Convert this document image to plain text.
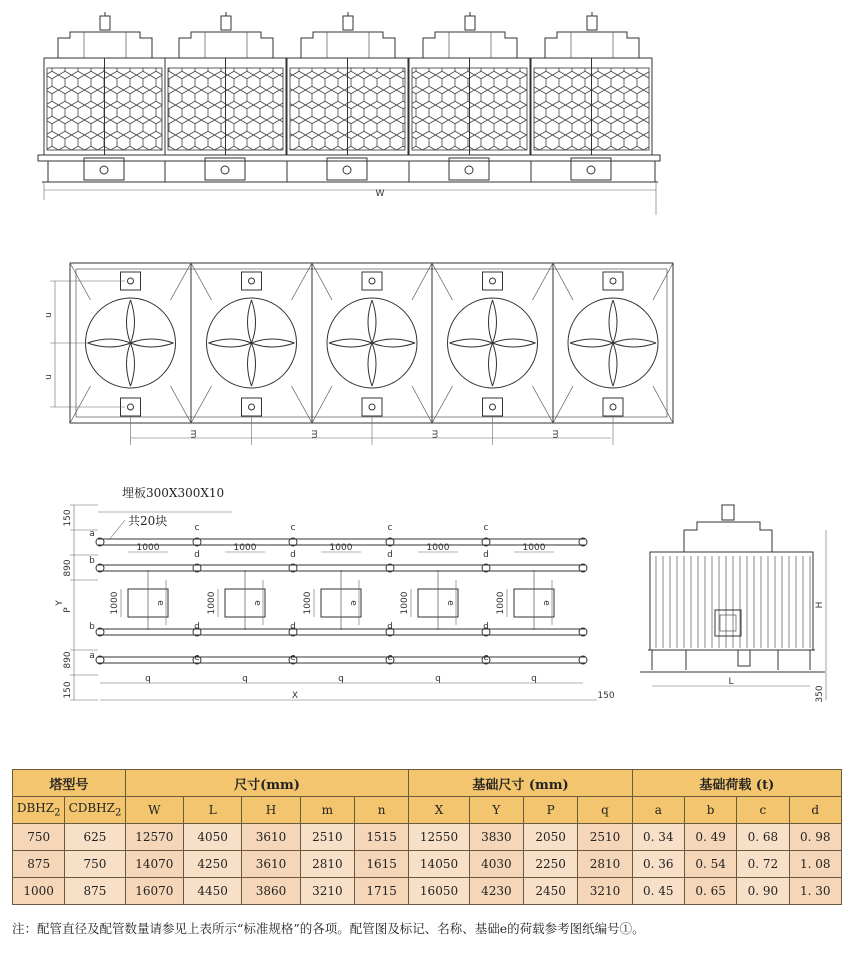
W
m	m	m	m
n
n
a
b
b
a
c
d
d
c
c
d
d
c
c
d
d
c
c
d
d
c
e
1000
1000	e
1000
1000	e
1000
1000	e
1000
1000	e
1000
1000
150
890
Y
P
890
150
q	q	q	q	q
X	150
埋板300X300X10
共20块
L
H
350
塔型号		尺寸(mm)					基础尺寸 (mm)				基础荷载 (t)			
$DBHZ_2$	$CDBHZ_2$	W	L	H	m	n	X	Y	P	q	a	b	c	d
750	625	12570	4050	3610	2510	1515	12550	3830	2050	2510	0. 34	0. 49	0. 68	0. 98
875	750	14070	4250	3610	2810	1615	14050	4030	2250	2810	0. 36	0. 54	0. 72	1. 08
1000	875	16070	4450	3860	3210	1715	16050	4230	2450	3210	0. 45	0. 65	0. 90	1. 30
注：配管直径及配管数量请参见上表所示“标准规格”的各项。配管图及标记、名称、基础e的荷载参考图纸编号①。
